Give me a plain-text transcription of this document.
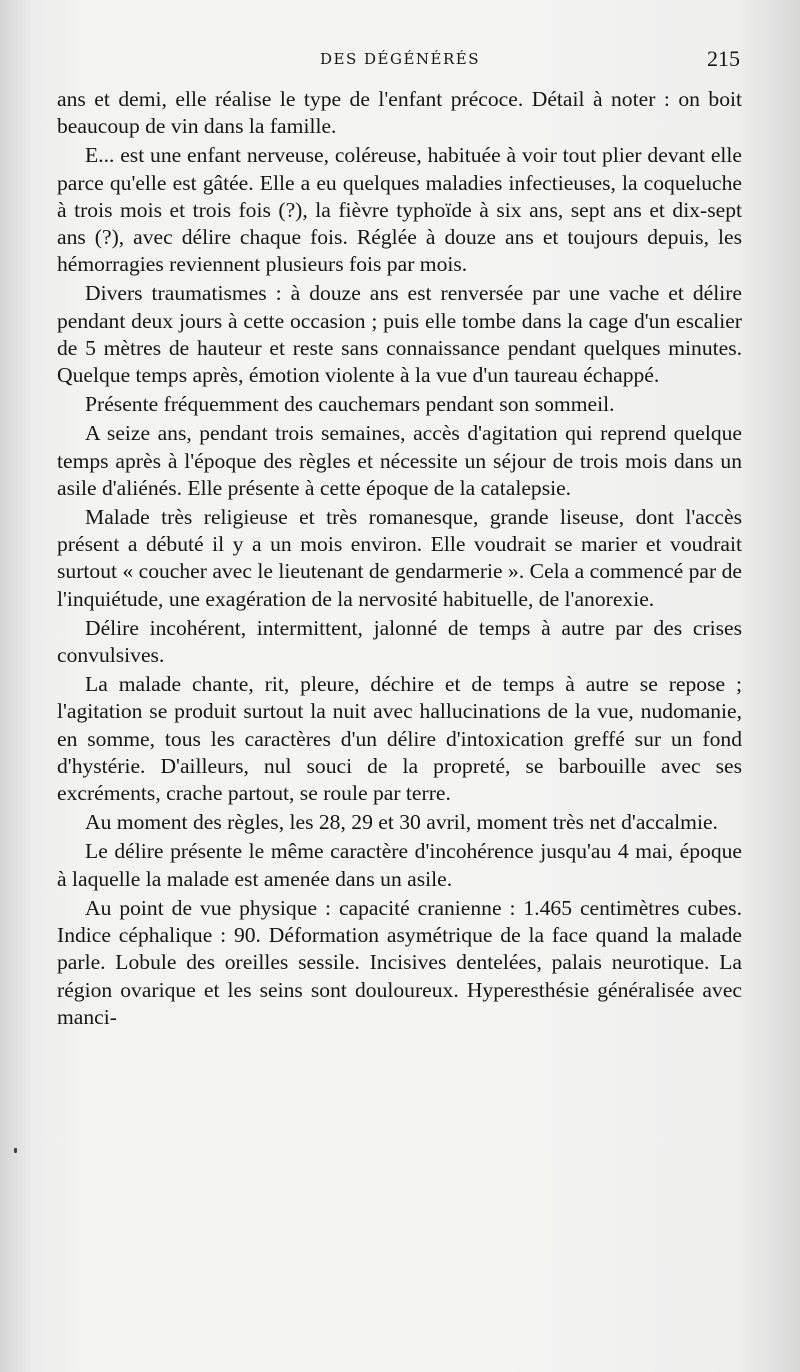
DES DÉGÉNÉRÉS	215

ans et demi, elle réalise le type de l'enfant précoce. Détail à noter : on boit beaucoup de vin dans la famille.

E... est une enfant nerveuse, coléreuse, habituée à voir tout plier devant elle parce qu'elle est gâtée. Elle a eu quelques maladies infectieuses, la coqueluche à trois mois et trois fois (?), la fièvre typhoïde à six ans, sept ans et dix-sept ans (?), avec délire chaque fois. Réglée à douze ans et toujours depuis, les hémorragies reviennent plusieurs fois par mois.

Divers traumatismes : à douze ans est renversée par une vache et délire pendant deux jours à cette occasion ; puis elle tombe dans la cage d'un escalier de 5 mètres de hauteur et reste sans connaissance pendant quelques minutes. Quelque temps après, émotion violente à la vue d'un taureau échappé.

Présente fréquemment des cauchemars pendant son sommeil.

A seize ans, pendant trois semaines, accès d'agitation qui reprend quelque temps après à l'époque des règles et nécessite un séjour de trois mois dans un asile d'aliénés. Elle présente à cette époque de la catalepsie.

Malade très religieuse et très romanesque, grande liseuse, dont l'accès présent a débuté il y a un mois environ. Elle voudrait se marier et voudrait surtout « coucher avec le lieutenant de gendarmerie ». Cela a commencé par de l'inquiétude, une exagération de la nervosité habituelle, de l'anorexie.

Délire incohérent, intermittent, jalonné de temps à autre par des crises convulsives.

La malade chante, rit, pleure, déchire et de temps à autre se repose ; l'agitation se produit surtout la nuit avec hallucinations de la vue, nudomanie, en somme, tous les caractères d'un délire d'intoxication greffé sur un fond d'hystérie. D'ailleurs, nul souci de la propreté, se barbouille avec ses excréments, crache partout, se roule par terre.

Au moment des règles, les 28, 29 et 30 avril, moment très net d'accalmie.

Le délire présente le même caractère d'incohérence jusqu'au 4 mai, époque à laquelle la malade est amenée dans un asile.

Au point de vue physique : capacité cranienne : 1.465 centimètres cubes. Indice céphalique : 90. Déformation asymétrique de la face quand la malade parle. Lobule des oreilles sessile. Incisives dentelées, palais neurotique. La région ovarique et les seins sont douloureux. Hyperesthésie généralisée avec manci-
